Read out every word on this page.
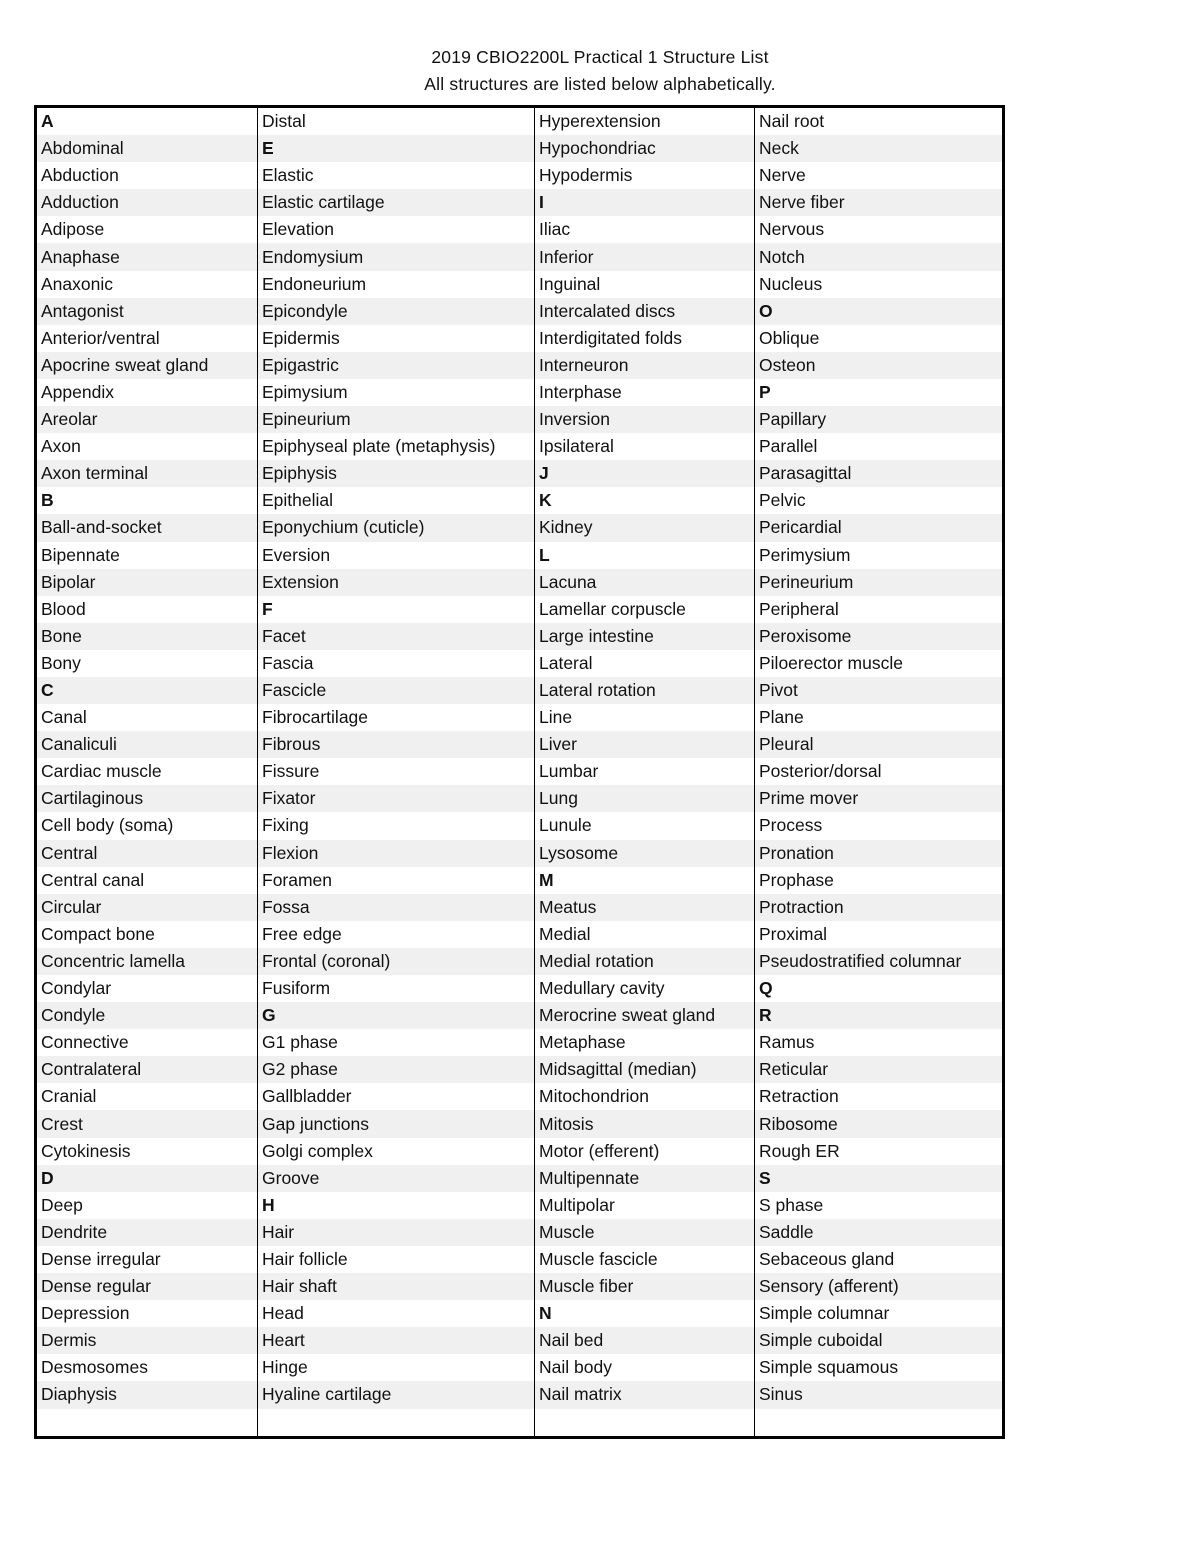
2019 CBIO2200L Practical 1 Structure List
All structures are listed below alphabetically.
A	Distal	Hyperextension	Nail root
Abdominal	E	Hypochondriac	Neck
Abduction	Elastic	Hypodermis	Nerve
Adduction	Elastic cartilage	I	Nerve fiber
Adipose	Elevation	Iliac	Nervous
Anaphase	Endomysium	Inferior	Notch
Anaxonic	Endoneurium	Inguinal	Nucleus
Antagonist	Epicondyle	Intercalated discs	O
Anterior/ventral	Epidermis	Interdigitated folds	Oblique
Apocrine sweat gland	Epigastric	Interneuron	Osteon
Appendix	Epimysium	Interphase	P
Areolar	Epineurium	Inversion	Papillary
Axon	Epiphyseal plate (metaphysis)	Ipsilateral	Parallel
Axon terminal	Epiphysis	J	Parasagittal
B	Epithelial	K	Pelvic
Ball-and-socket	Eponychium (cuticle)	Kidney	Pericardial
Bipennate	Eversion	L	Perimysium
Bipolar	Extension	Lacuna	Perineurium
Blood	F	Lamellar corpuscle	Peripheral
Bone	Facet	Large intestine	Peroxisome
Bony	Fascia	Lateral	Piloerector muscle
C	Fascicle	Lateral rotation	Pivot
Canal	Fibrocartilage	Line	Plane
Canaliculi	Fibrous	Liver	Pleural
Cardiac muscle	Fissure	Lumbar	Posterior/dorsal
Cartilaginous	Fixator	Lung	Prime mover
Cell body (soma)	Fixing	Lunule	Process
Central	Flexion	Lysosome	Pronation
Central canal	Foramen	M	Prophase
Circular	Fossa	Meatus	Protraction
Compact bone	Free edge	Medial	Proximal
Concentric lamella	Frontal (coronal)	Medial rotation	Pseudostratified columnar
Condylar	Fusiform	Medullary cavity	Q
Condyle	G	Merocrine sweat gland	R
Connective	G1 phase	Metaphase	Ramus
Contralateral	G2 phase	Midsagittal (median)	Reticular
Cranial	Gallbladder	Mitochondrion	Retraction
Crest	Gap junctions	Mitosis	Ribosome
Cytokinesis	Golgi complex	Motor (efferent)	Rough ER
D	Groove	Multipennate	S
Deep	H	Multipolar	S phase
Dendrite	Hair	Muscle	Saddle
Dense irregular	Hair follicle	Muscle fascicle	Sebaceous gland
Dense regular	Hair shaft	Muscle fiber	Sensory (afferent)
Depression	Head	N	Simple columnar
Dermis	Heart	Nail bed	Simple cuboidal
Desmosomes	Hinge	Nail body	Simple squamous
Diaphysis	Hyaline cartilage	Nail matrix	Sinus
